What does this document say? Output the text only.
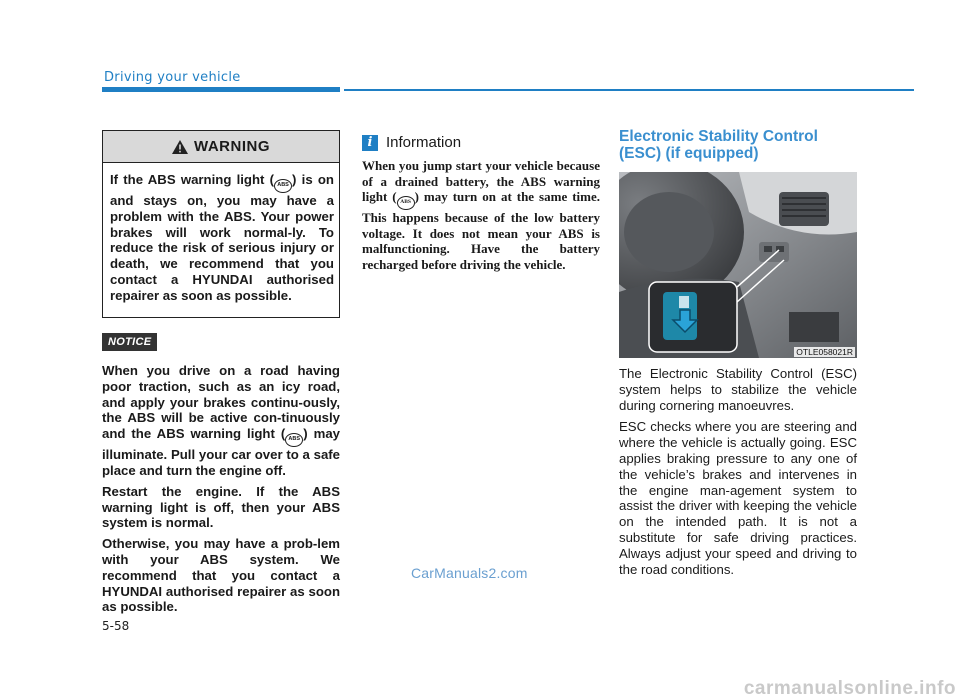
Driving your vehicle
WARNING
If the ABS warning light ( ABS ) is on and stays on, you may have a problem with the ABS. Your power brakes will work normal-ly. To reduce the risk of serious injury or death, we recommend that you contact a HYUNDAI authorised repairer as soon as possible.
NOTICE

When you drive on a road having poor traction, such as an icy road, and apply your brakes continu-ously, the ABS will be active con-tinuously and the ABS warning light ( ABS ) may illuminate. Pull your car over to a safe place and turn the engine off.

Restart the engine. If the ABS warning light is off, then your ABS system is normal.

Otherwise, you may have a prob-lem with your ABS system. We recommend that you contact a HYUNDAI authorised repairer as soon as possible.

i Information
When you jump start your vehicle because of a drained battery, the ABS warning light ( ABS ) may turn on at the same time. This happens because of the low battery voltage. It does not mean your ABS is malfunctioning. Have the battery recharged before driving the vehicle.
Electronic Stability Control (ESC) (if equipped)
OTLE058021R

The Electronic Stability Control (ESC) system helps to stabilize the vehicle during cornering manoeuvres.

ESC checks where you are steering and where the vehicle is actually going. ESC applies braking pressure to any one of the vehicle’s brakes and intervenes in the engine man-agement system to assist the driver with keeping the vehicle on the intended path. It is not a substitute for safe driving practices. Always adjust your speed and driving to the road conditions.

5-58
CarManuals2.com
carmanualsonline.info
